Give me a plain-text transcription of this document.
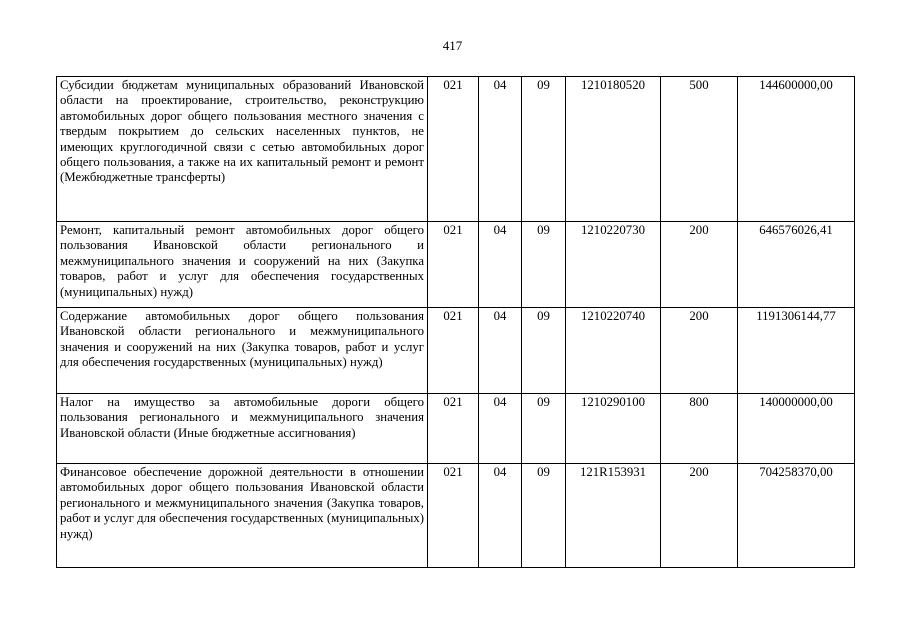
417
Субсидии бюджетам муниципальных образований Ивановской области на проектирование, строительство, реконструкцию автомобильных дорог общего пользования местного значения с твердым покрытием до сельских населенных пунктов, не имеющих круглогодичной связи с сетью автомобильных дорог общего пользования, а также на их капитальный ремонт и ремонт (Межбюджетные трансферты)	021	04	09	1210180520	500	144600000,00
Ремонт, капитальный ремонт автомобильных дорог общего пользования Ивановской области регионального и межмуниципального значения и сооружений на них (Закупка товаров, работ и услуг для обеспечения государственных (муниципальных) нужд)	021	04	09	1210220730	200	646576026,41
Содержание автомобильных дорог общего пользования Ивановской области регионального и межмуниципального значения и сооружений на них (Закупка товаров, работ и услуг для обеспечения государственных (муниципальных) нужд)	021	04	09	1210220740	200	1191306144,77
Налог на имущество за автомобильные дороги общего пользования регионального и межмуниципального значения Ивановской области (Иные бюджетные ассигнования)	021	04	09	1210290100	800	140000000,00
Финансовое обеспечение дорожной деятельности в отношении автомобильных дорог общего пользования Ивановской области регионального и межмуниципального значения (Закупка товаров, работ и услуг для обеспечения государственных (муниципальных) нужд)	021	04	09	121R153931	200	704258370,00
